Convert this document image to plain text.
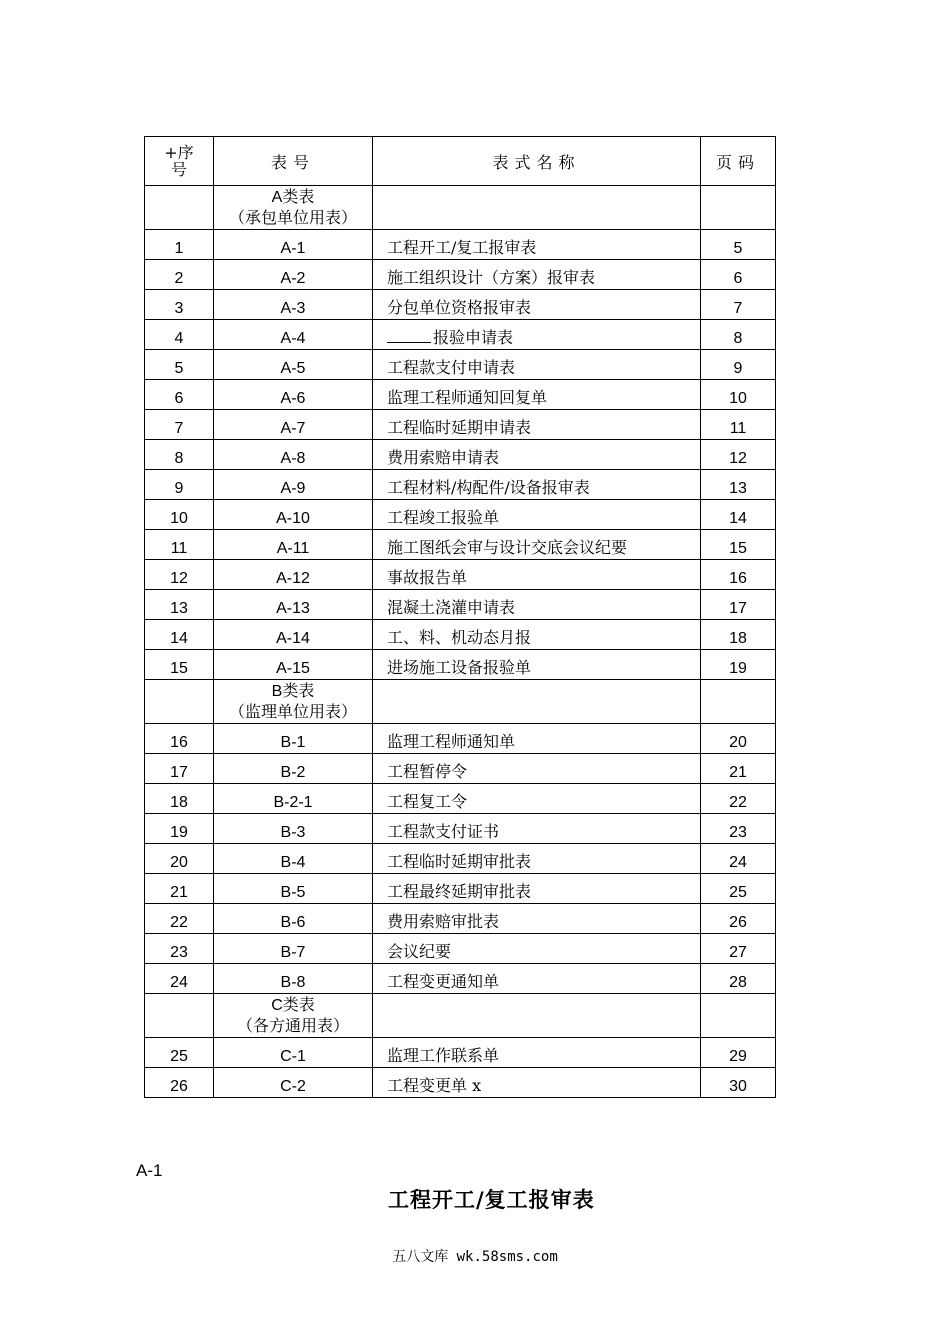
+序
号	表号	表式名称	页码

	A类表
（承包单位用表）		

1	A-1	工程开工/复工报审表	5
2	A-2	施工组织设计（方案）报审表	6
3	A-3	分包单位资格报审表	7
4	A-4	报验申请表	8
5	A-5	工程款支付申请表	9
6	A-6	监理工程师通知回复单	10
7	A-7	工程临时延期申请表	11
8	A-8	费用索赔申请表	12
9	A-9	工程材料/构配件/设备报审表	13
10	A-10	工程竣工报验单	14
11	A-11	施工图纸会审与设计交底会议纪要	15
12	A-12	事故报告单	16
13	A-13	混凝土浇灌申请表	17
14	A-14	工、料、机动态月报	18
15	A-15	进场施工设备报验单	19

	B类表
（监理单位用表）		

16	B-1	监理工程师通知单	20
17	B-2	工程暂停令	21
18	B-2-1	工程复工令	22
19	B-3	工程款支付证书	23
20	B-4	工程临时延期审批表	24
21	B-5	工程最终延期审批表	25
22	B-6	费用索赔审批表	26
23	B-7	会议纪要	27
24	B-8	工程变更通知单	28

	C类表
（各方通用表）		

25	C-1	监理工作联系单	29
26	C-2	工程变更单 x	30
A-1
工程开工/复工报审表
五八文库 wk.58sms.com
